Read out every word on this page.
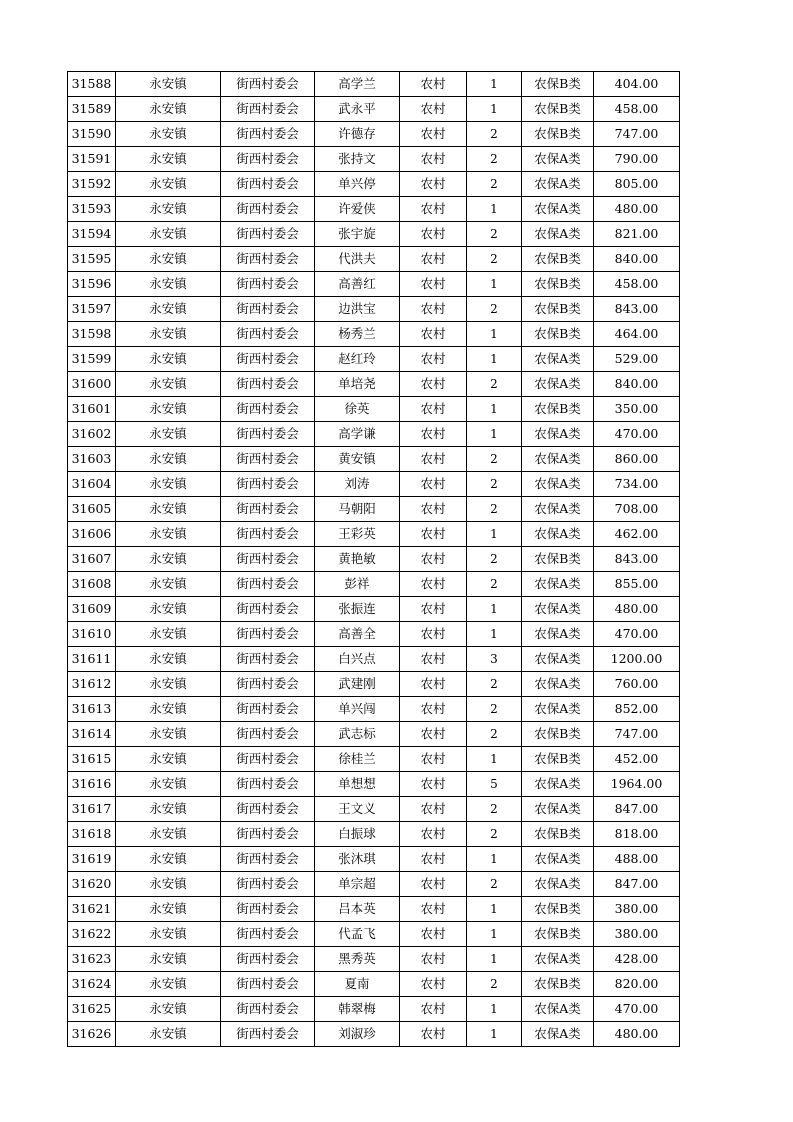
31588	永安镇	街西村委会	高学兰	农村	1	农保B类	404.00
31589	永安镇	街西村委会	武永平	农村	1	农保B类	458.00
31590	永安镇	街西村委会	许德存	农村	2	农保B类	747.00
31591	永安镇	街西村委会	张持文	农村	2	农保A类	790.00
31592	永安镇	街西村委会	单兴停	农村	2	农保A类	805.00
31593	永安镇	街西村委会	许爱侠	农村	1	农保A类	480.00
31594	永安镇	街西村委会	张宇旋	农村	2	农保A类	821.00
31595	永安镇	街西村委会	代洪夫	农村	2	农保B类	840.00
31596	永安镇	街西村委会	高善红	农村	1	农保B类	458.00
31597	永安镇	街西村委会	边洪宝	农村	2	农保B类	843.00
31598	永安镇	街西村委会	杨秀兰	农村	1	农保B类	464.00
31599	永安镇	街西村委会	赵红玲	农村	1	农保A类	529.00
31600	永安镇	街西村委会	单培尧	农村	2	农保A类	840.00
31601	永安镇	街西村委会	徐英	农村	1	农保B类	350.00
31602	永安镇	街西村委会	高学谦	农村	1	农保A类	470.00
31603	永安镇	街西村委会	黄安镇	农村	2	农保A类	860.00
31604	永安镇	街西村委会	刘涛	农村	2	农保A类	734.00
31605	永安镇	街西村委会	马朝阳	农村	2	农保A类	708.00
31606	永安镇	街西村委会	王彩英	农村	1	农保A类	462.00
31607	永安镇	街西村委会	黄艳敏	农村	2	农保B类	843.00
31608	永安镇	街西村委会	彭祥	农村	2	农保A类	855.00
31609	永安镇	街西村委会	张振连	农村	1	农保A类	480.00
31610	永安镇	街西村委会	高善全	农村	1	农保A类	470.00
31611	永安镇	街西村委会	白兴点	农村	3	农保A类	1200.00
31612	永安镇	街西村委会	武建刚	农村	2	农保A类	760.00
31613	永安镇	街西村委会	单兴闯	农村	2	农保A类	852.00
31614	永安镇	街西村委会	武志标	农村	2	农保B类	747.00
31615	永安镇	街西村委会	徐桂兰	农村	1	农保B类	452.00
31616	永安镇	街西村委会	单想想	农村	5	农保A类	1964.00
31617	永安镇	街西村委会	王文义	农村	2	农保A类	847.00
31618	永安镇	街西村委会	白振球	农村	2	农保B类	818.00
31619	永安镇	街西村委会	张沐琪	农村	1	农保A类	488.00
31620	永安镇	街西村委会	单宗超	农村	2	农保A类	847.00
31621	永安镇	街西村委会	吕本英	农村	1	农保B类	380.00
31622	永安镇	街西村委会	代孟飞	农村	1	农保B类	380.00
31623	永安镇	街西村委会	黑秀英	农村	1	农保A类	428.00
31624	永安镇	街西村委会	夏南	农村	2	农保B类	820.00
31625	永安镇	街西村委会	韩翠梅	农村	1	农保A类	470.00
31626	永安镇	街西村委会	刘淑珍	农村	1	农保A类	480.00
